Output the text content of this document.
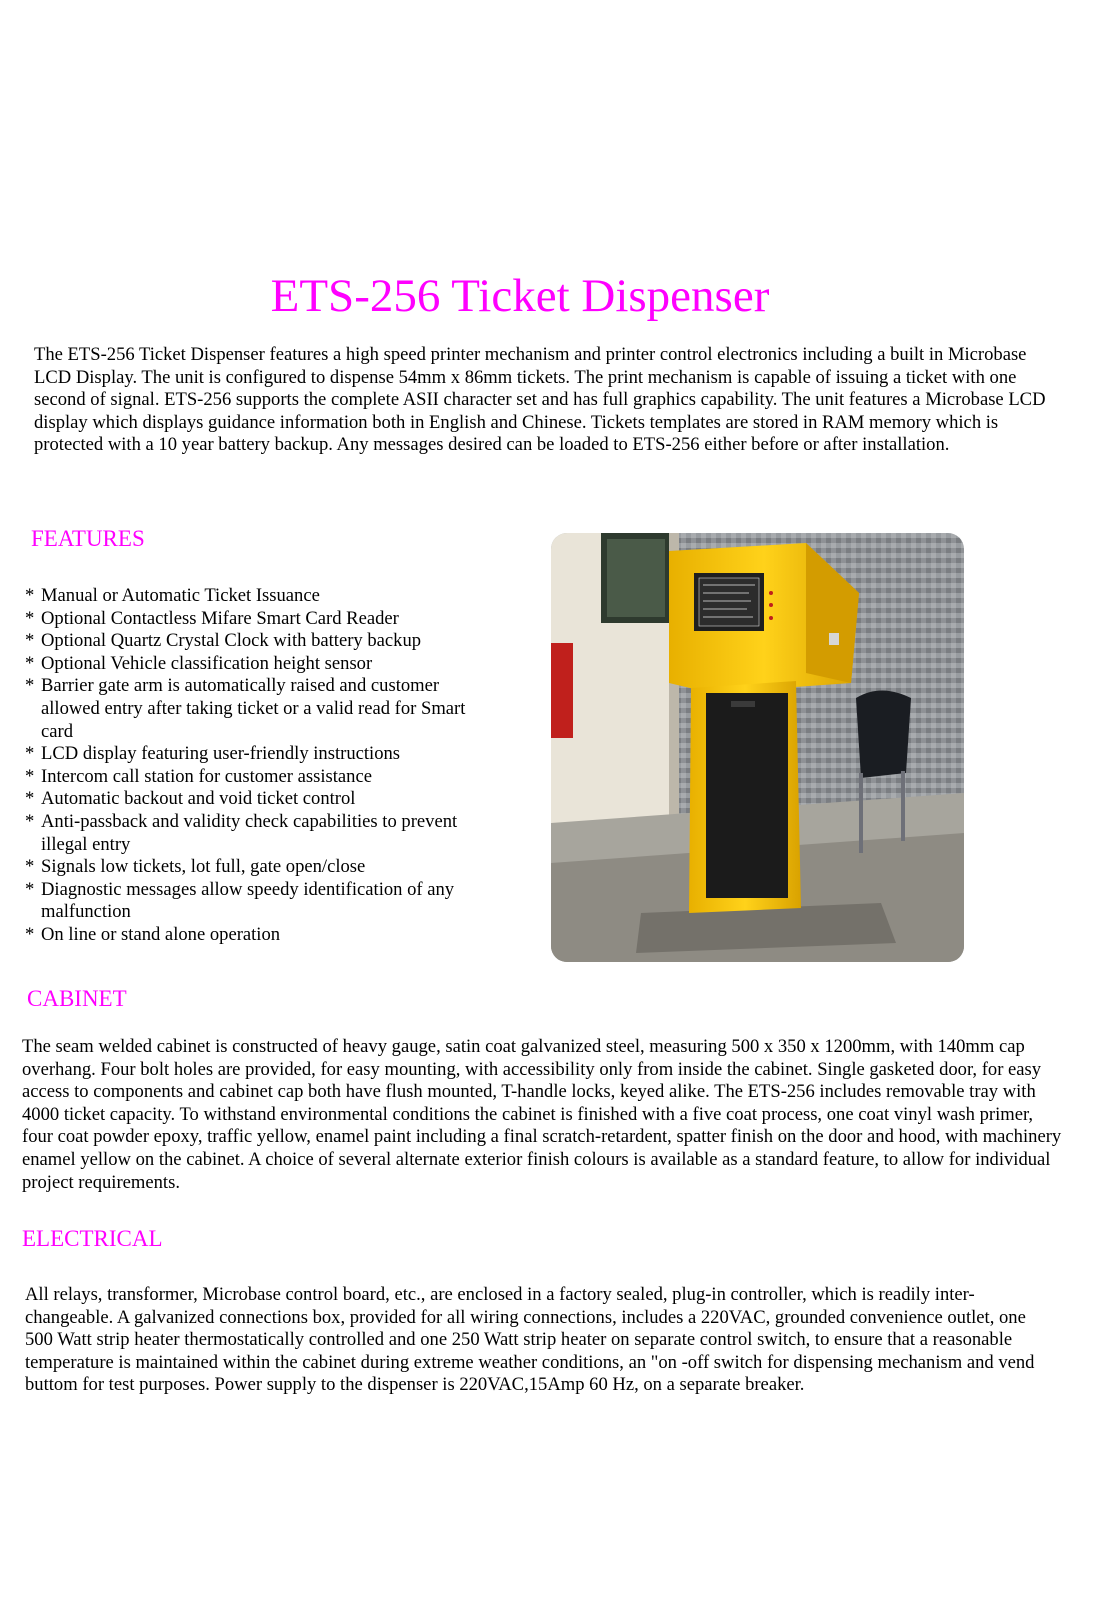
ETS-256 Ticket Dispenser

The ETS-256 Ticket Dispenser features a high speed printer mechanism and printer control electronics including a built in Microbase LCD Display. The unit is configured to dispense 54mm x 86mm tickets. The print mechanism is capable of issuing a ticket with one second of signal. ETS-256 supports the complete ASII character set and has full graphics capability. The unit features a Microbase LCD display which displays guidance information both in English and Chinese. Tickets templates are stored in RAM memory which is protected with a 10 year battery backup. Any messages desired can be loaded to ETS-256 either before or after installation.

FEATURES
* Manual or Automatic Ticket Issuance
* Optional Contactless Mifare Smart Card Reader
* Optional Quartz Crystal Clock with battery backup
* Optional Vehicle classification height sensor
* Barrier gate arm is automatically raised and customer allowed entry after taking ticket or a valid read for Smart card
* LCD display featuring user-friendly instructions
* Intercom call station for customer assistance
* Automatic backout and void ticket control
* Anti-passback and validity check capabilities to prevent illegal entry
* Signals low tickets, lot full, gate open/close
* Diagnostic messages allow speedy identification of any malfunction
* On line or stand alone operation
CABINET

The seam welded cabinet is constructed of heavy gauge, satin coat galvanized steel, measuring 500 x 350 x 1200mm, with 140mm cap overhang. Four bolt holes are provided, for easy mounting, with accessibility only from inside the cabinet. Single gasketed door, for easy access to components and cabinet cap both have flush mounted, T-handle locks, keyed alike. The ETS-256 includes removable tray with 4000 ticket capacity. To withstand environmental conditions the cabinet is finished with a five coat process, one coat vinyl wash primer, four coat powder epoxy, traffic yellow, enamel paint including a final scratch-retardent, spatter finish on the door and hood, with machinery enamel yellow on the cabinet. A choice of several alternate exterior finish colours is available as a standard feature, to allow for individual project requirements.

ELECTRICAL

All relays, transformer, Microbase control board, etc., are enclosed in a factory sealed, plug-in controller, which is readily inter-changeable. A galvanized connections box, provided for all wiring connections, includes a 220VAC, grounded convenience outlet, one 500 Watt strip heater thermostatically controlled and one 250 Watt strip heater on separate control switch, to ensure that a reasonable temperature is maintained within the cabinet during extreme weather conditions, an "on -off switch for dispensing mechanism and vend buttom for test purposes. Power supply to the dispenser is 220VAC,15Amp 60 Hz, on a separate breaker.
